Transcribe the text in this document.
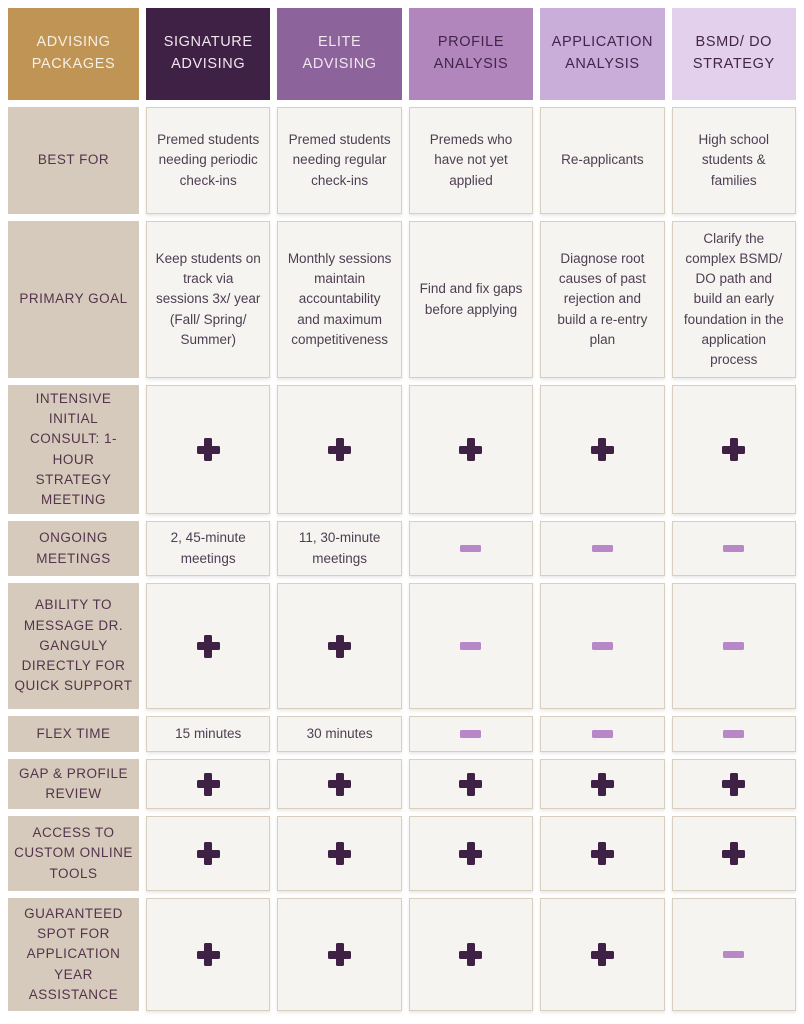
ADVISING PACKAGES
SIGNATURE ADVISING
ELITE ADVISING
PROFILE ANALYSIS
APPLICATION ANALYSIS
BSMD/ DO STRATEGY
BEST FOR
Premed students needing periodic check-ins
Premed students needing regular check-ins
Premeds who have not yet applied
Re-applicants
High school students & families
PRIMARY GOAL
Keep students on track via sessions 3x/ year (Fall/ Spring/ Summer)
Monthly sessions maintain accountability and maximum competitiveness
Find and fix gaps before applying
Diagnose root causes of past rejection and build a re-entry plan
Clarify the complex BSMD/ DO path and build an early foundation in the application process
INTENSIVE INITIAL CONSULT: 1-HOUR STRATEGY MEETING
ONGOING MEETINGS
2, 45-minute meetings
11, 30-minute meetings
ABILITY TO MESSAGE DR. GANGULY DIRECTLY FOR QUICK SUPPORT
FLEX TIME	15 minutes	30 minutes
GAP & PROFILE REVIEW
ACCESS TO CUSTOM ONLINE TOOLS
GUARANTEED SPOT FOR APPLICATION YEAR ASSISTANCE
